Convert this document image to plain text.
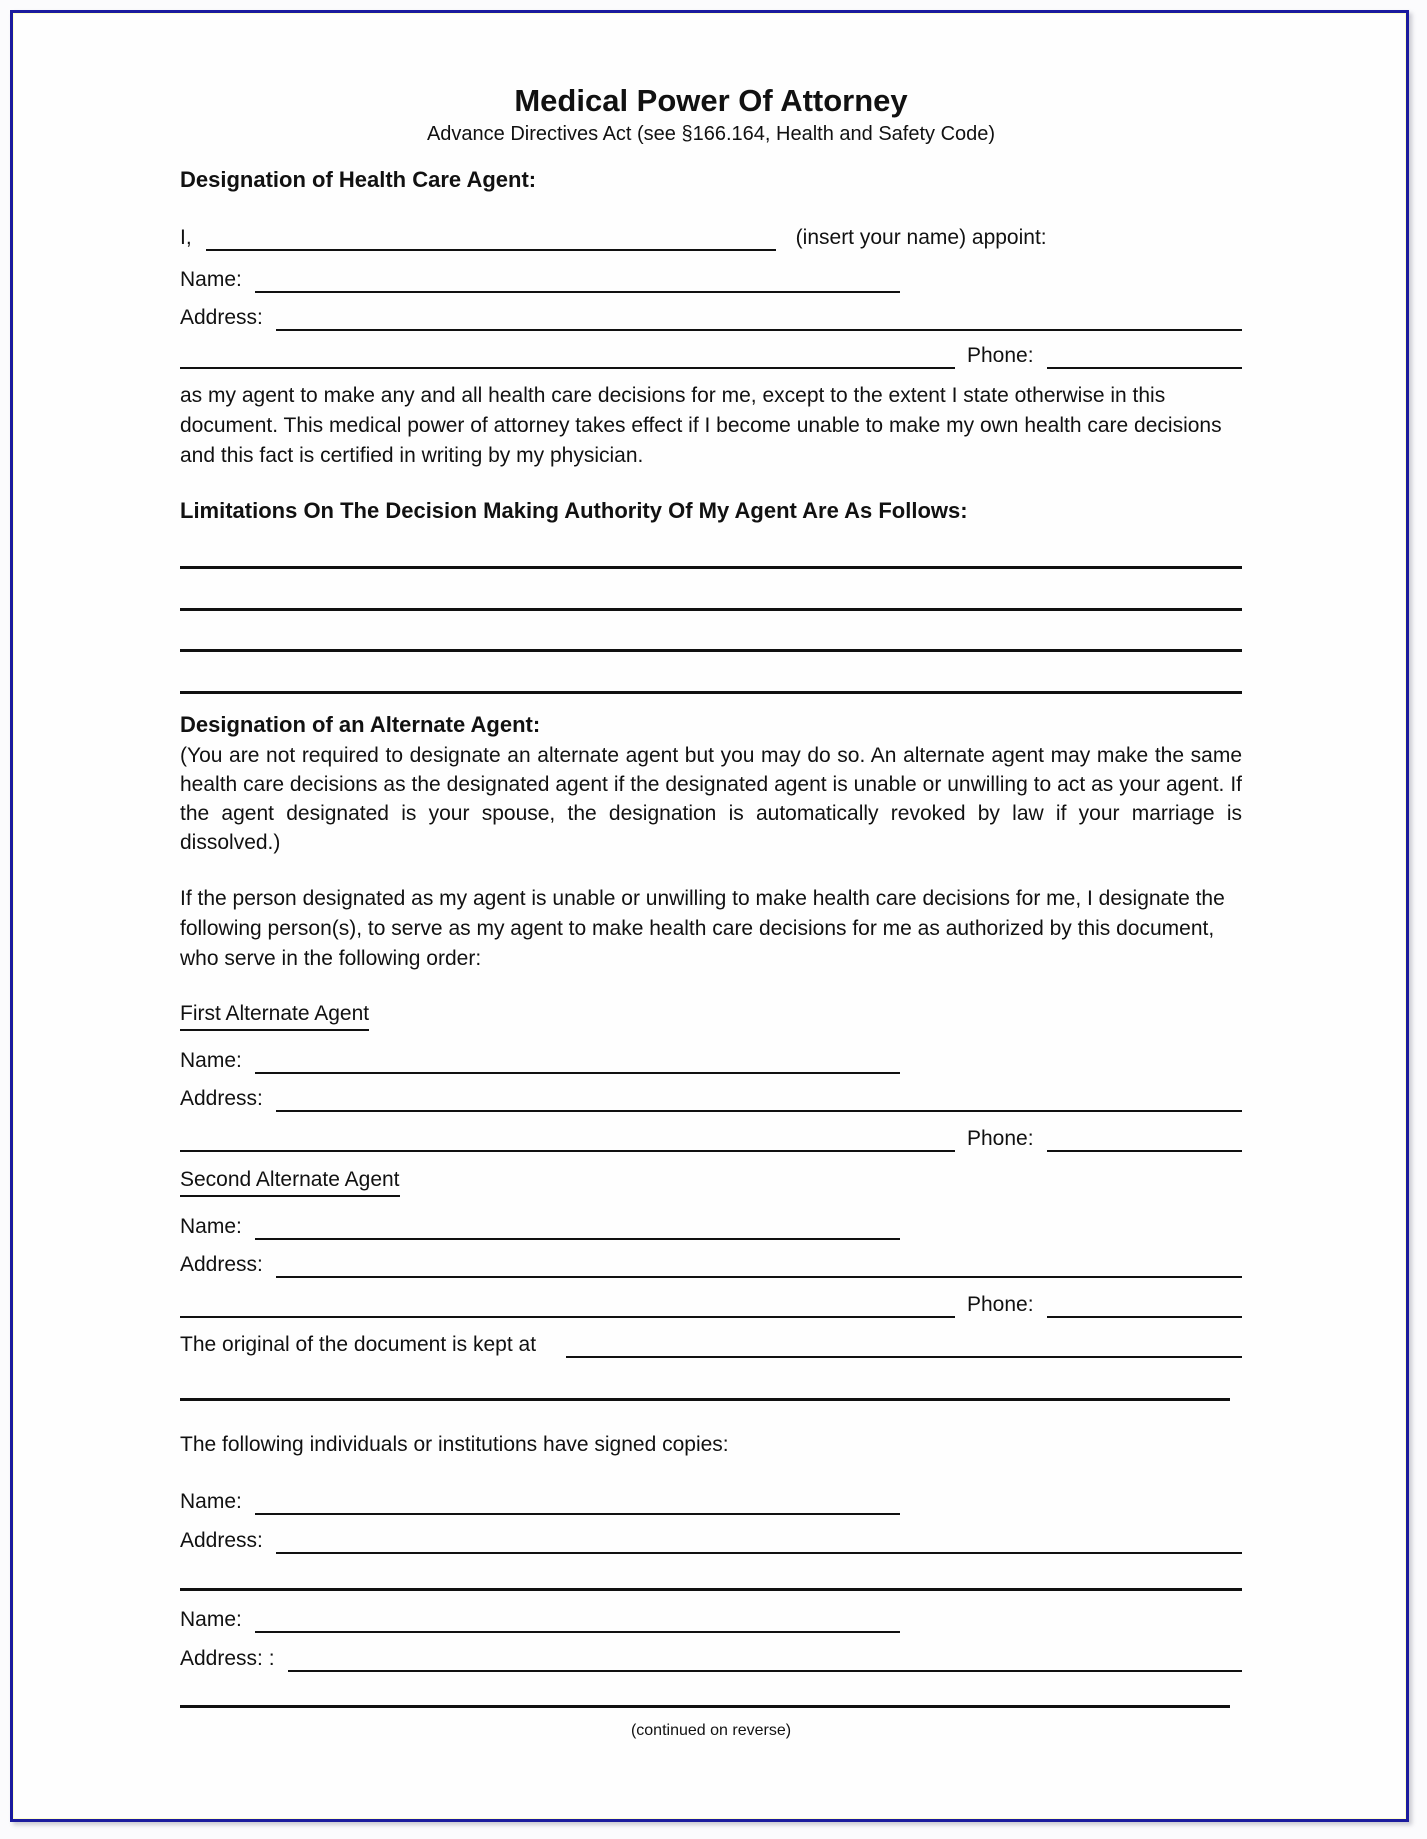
Medical Power Of Attorney
Advance Directives Act (see §166.164, Health and Safety Code)
Designation of Health Care Agent:
I,	(insert your name) appoint:
Name:
Address:
Phone:
as my agent to make any and all health care decisions for me, except to the extent I state otherwise in this document. This medical power of attorney takes effect if I become unable to make my own health care decisions and this fact is certified in writing by my physician.
Limitations On The Decision Making Authority Of My Agent Are As Follows:
Designation of an Alternate Agent:
(You are not required to designate an alternate agent but you may do so. An alternate agent may make the same health care decisions as the designated agent if the designated agent is unable or unwilling to act as your agent. If the agent designated is your spouse, the designation is automatically revoked by law if your marriage is dissolved.)
If the person designated as my agent is unable or unwilling to make health care decisions for me, I designate the following person(s), to serve as my agent to make health care decisions for me as authorized by this document, who serve in the following order:
First Alternate Agent
Name:
Address:
Phone:
Second Alternate Agent
Name:
Address:
Phone:
The original of the document is kept at
The following individuals or institutions have signed copies:
Name:
Address:
Name:
Address: :
(continued on reverse)
